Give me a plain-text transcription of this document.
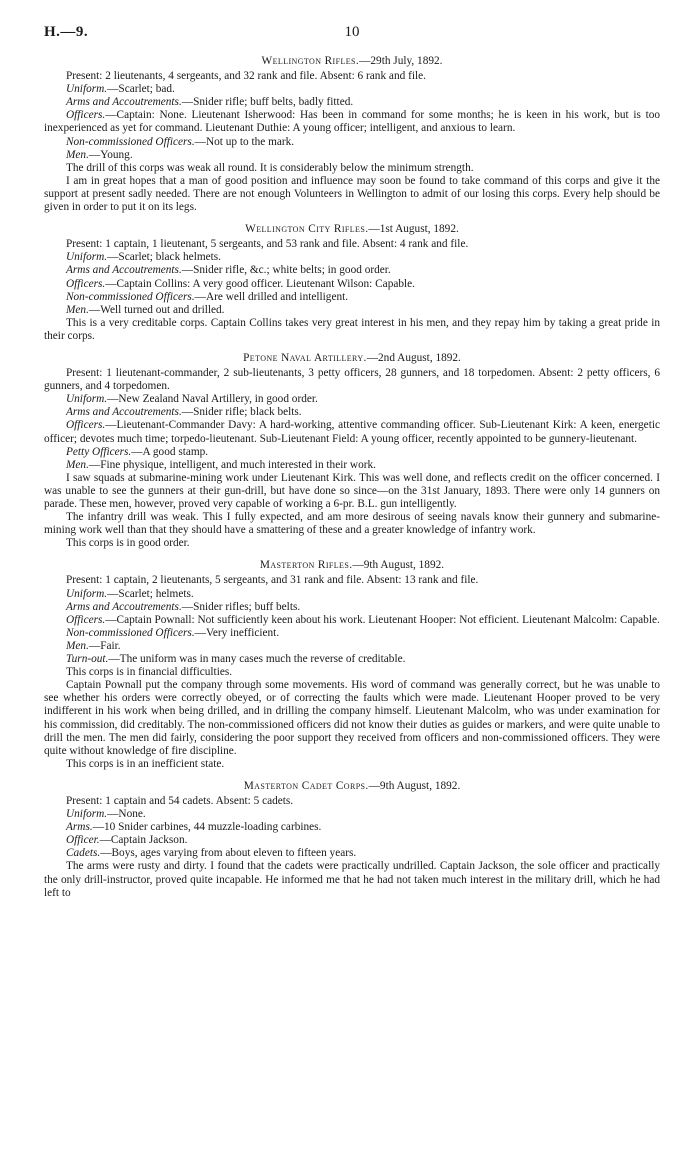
H.—9.	10
Wellington Rifles.—29th July, 1892.

Present: 2 lieutenants, 4 sergeants, and 32 rank and file. Absent: 6 rank and file.

Uniform.—Scarlet; bad.

Arms and Accoutrements.—Snider rifle; buff belts, badly fitted.

Officers.—Captain: None. Lieutenant Isherwood: Has been in command for some months; he is keen in his work, but is too inexperienced as yet for command. Lieutenant Duthie: A young officer; intelligent, and anxious to learn.

Non-commissioned Officers.—Not up to the mark.

Men.—Young.

The drill of this corps was weak all round. It is considerably below the minimum strength.

I am in great hopes that a man of good position and influence may soon be found to take command of this corps and give it the support at present sadly needed. There are not enough Volunteers in Wellington to admit of our losing this corps. Every help should be given in order to put it on its legs.

Wellington City Rifles.—1st August, 1892.

Present: 1 captain, 1 lieutenant, 5 sergeants, and 53 rank and file. Absent: 4 rank and file.

Uniform.—Scarlet; black helmets.

Arms and Accoutrements.—Snider rifle, &c.; white belts; in good order.

Officers.—Captain Collins: A very good officer. Lieutenant Wilson: Capable.

Non-commissioned Officers.—Are well drilled and intelligent.

Men.—Well turned out and drilled.

This is a very creditable corps. Captain Collins takes very great interest in his men, and they repay him by taking a great pride in their corps.

Petone Naval Artillery.—2nd August, 1892.

Present: 1 lieutenant-commander, 2 sub-lieutenants, 3 petty officers, 28 gunners, and 18 torpedomen. Absent: 2 petty officers, 6 gunners, and 4 torpedomen.

Uniform.—New Zealand Naval Artillery, in good order.

Arms and Accoutrements.—Snider rifle; black belts.

Officers.—Lieutenant-Commander Davy: A hard-working, attentive commanding officer. Sub-Lieutenant Kirk: A keen, energetic officer; devotes much time; torpedo-lieutenant. Sub-Lieutenant Field: A young officer, recently appointed to be gunnery-lieutenant.

Petty Officers.—A good stamp.

Men.—Fine physique, intelligent, and much interested in their work.

I saw squads at submarine-mining work under Lieutenant Kirk. This was well done, and reflects credit on the officer concerned. I was unable to see the gunners at their gun-drill, but have done so since—on the 31st January, 1893. There were only 14 gunners on parade. These men, however, proved very capable of working a 6-pr. B.L. gun intelligently.

The infantry drill was weak. This I fully expected, and am more desirous of seeing navals know their gunnery and submarine-mining work well than that they should have a smattering of these and a greater knowledge of infantry work.

This corps is in good order.

Masterton Rifles.—9th August, 1892.

Present: 1 captain, 2 lieutenants, 5 sergeants, and 31 rank and file. Absent: 13 rank and file.

Uniform.—Scarlet; helmets.

Arms and Accoutrements.—Snider rifles; buff belts.

Officers.—Captain Pownall: Not sufficiently keen about his work. Lieutenant Hooper: Not efficient. Lieutenant Malcolm: Capable.

Non-commissioned Officers.—Very inefficient.

Men.—Fair.

Turn-out.—The uniform was in many cases much the reverse of creditable.

This corps is in financial difficulties.

Captain Pownall put the company through some movements. His word of command was generally correct, but he was unable to see whether his orders were correctly obeyed, or of correcting the faults which were made. Lieutenant Hooper proved to be very indifferent in his work when being drilled, and in drilling the company himself. Lieutenant Malcolm, who was under examination for his commission, did creditably. The non-commissioned officers did not know their duties as guides or markers, and were quite unable to drill the men. The men did fairly, considering the poor support they received from officers and non-commissioned officers. They were quite without knowledge of fire discipline.

This corps is in an inefficient state.

Masterton Cadet Corps.—9th August, 1892.

Present: 1 captain and 54 cadets. Absent: 5 cadets.

Uniform.—None.

Arms.—10 Snider carbines, 44 muzzle-loading carbines.

Officer.—Captain Jackson.

Cadets.—Boys, ages varying from about eleven to fifteen years.

The arms were rusty and dirty. I found that the cadets were practically undrilled. Captain Jackson, the sole officer and practically the only drill-instructor, proved quite incapable. He informed me that he had not taken much interest in the military drill, which he had left to
